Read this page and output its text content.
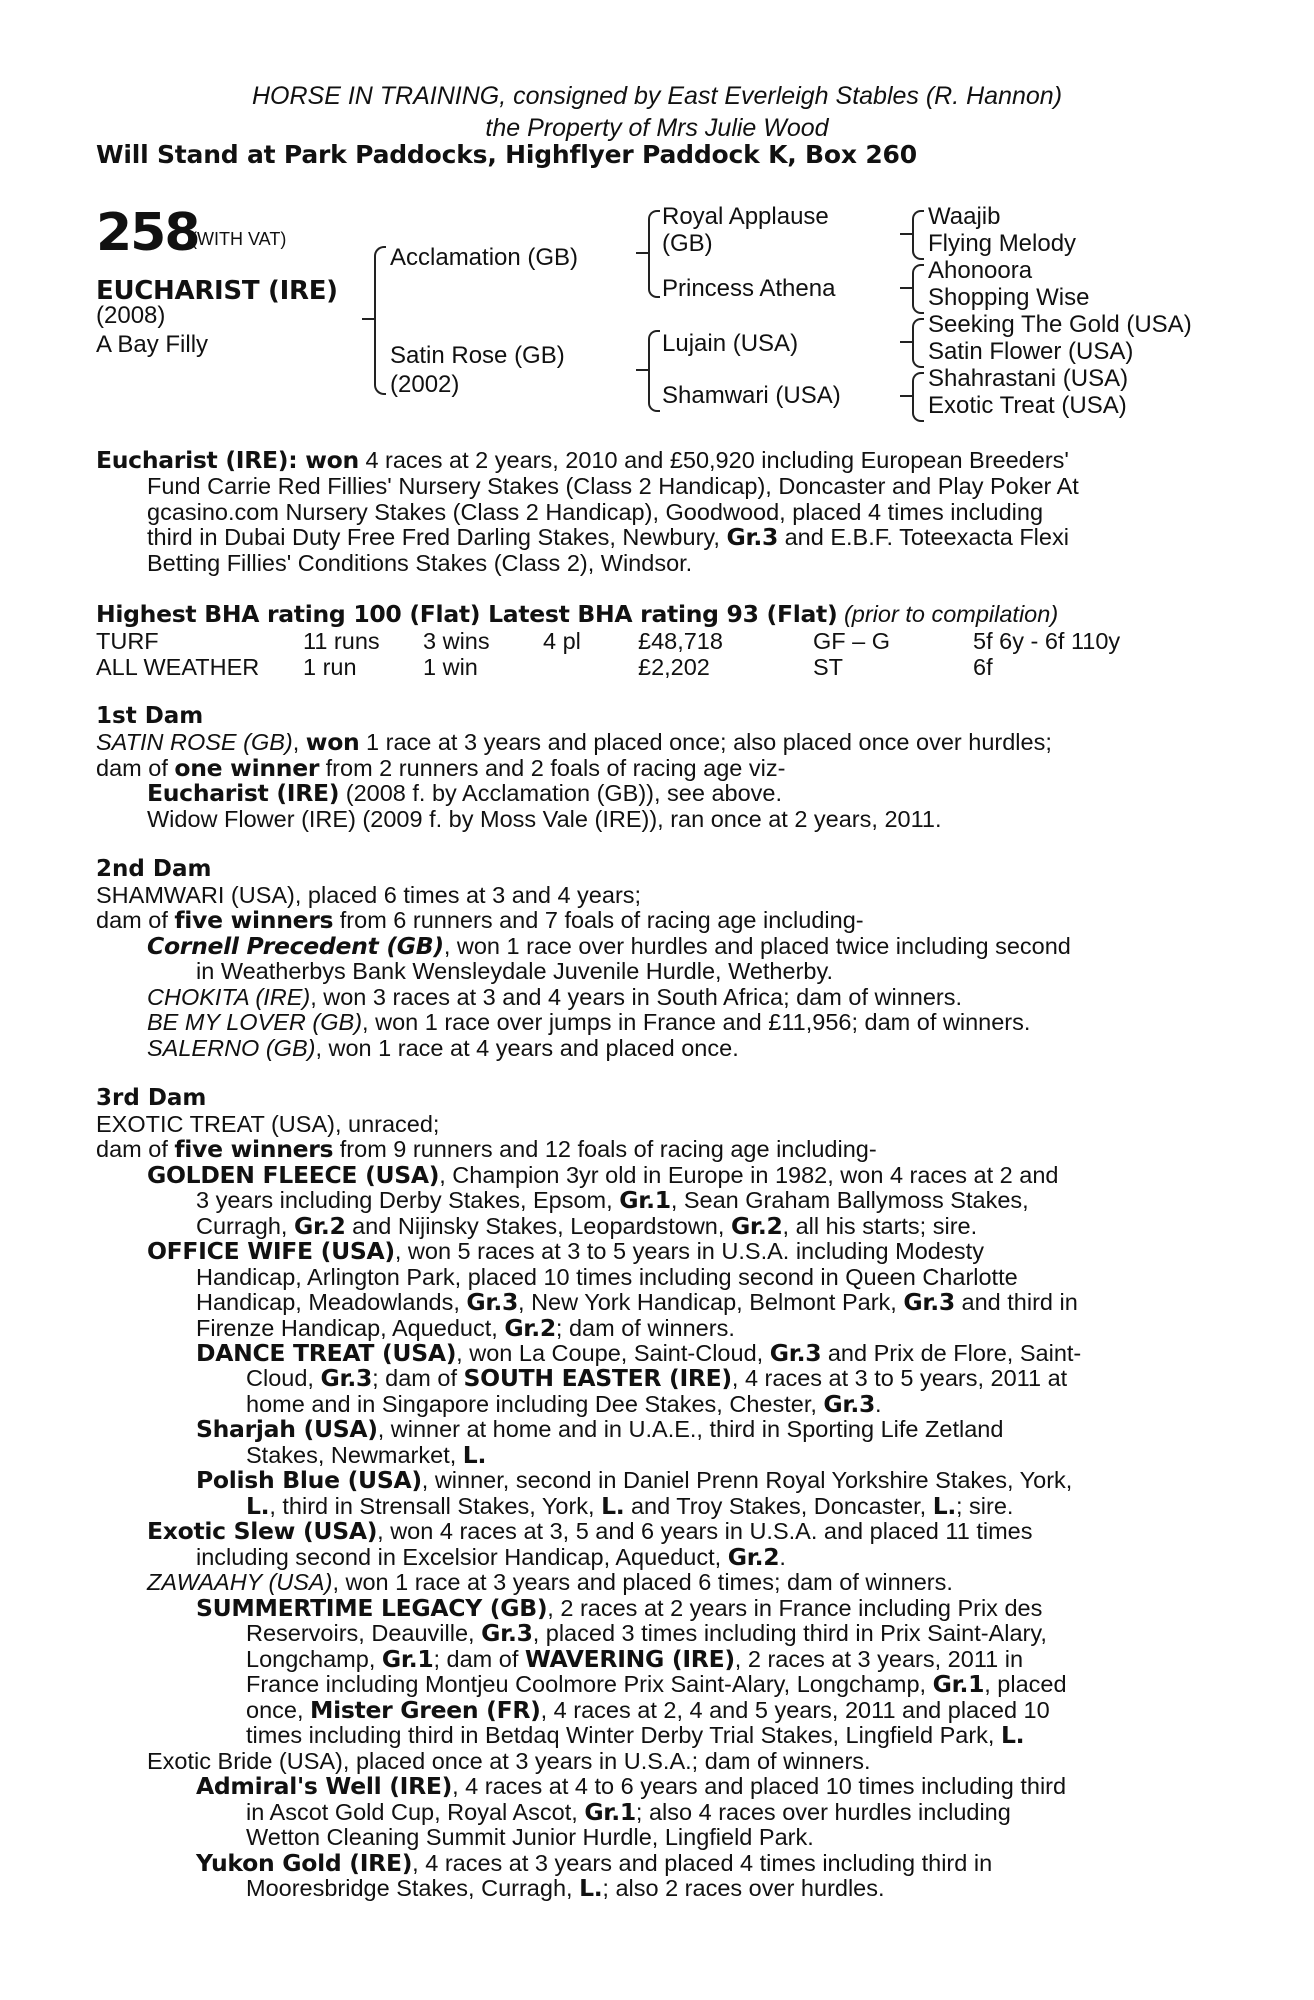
HORSE IN TRAINING, consigned by East Everleigh Stables (R. Hannon)
the Property of Mrs Julie Wood
Will Stand at Park Paddocks, Highflyer Paddock K, Box 260
258
(WITH VAT)
EUCHARIST (IRE)
(2008)
A Bay Filly
Acclamation (GB)
Satin Rose (GB)
(2002)
Royal Applause
(GB)
Princess Athena
Lujain (USA)
Shamwari (USA)
Waajib
Flying Melody
Ahonoora
Shopping Wise
Seeking The Gold (USA)
Satin Flower (USA)
Shahrastani (USA)
Exotic Treat (USA)
Eucharist (IRE): won 4 races at 2 years, 2010 and £50,920 including European Breeders'
Fund Carrie Red Fillies' Nursery Stakes (Class 2 Handicap), Doncaster and Play Poker At
gcasino.com Nursery Stakes (Class 2 Handicap), Goodwood, placed 4 times including
third in Dubai Duty Free Fred Darling Stakes, Newbury, Gr.3 and E.B.F. Toteexacta Flexi
Betting Fillies' Conditions Stakes (Class 2), Windsor.
Highest BHA rating 100 (Flat) Latest BHA rating 93 (Flat) (prior to compilation)
TURF	11 runs 3 wins 4 pl £48,718	GF – G	5f 6y - 6f 110y
ALL WEATHER 1 run	1 win	£2,202	ST	6f
1st Dam
SATIN ROSE (GB), won 1 race at 3 years and placed once; also placed once over hurdles;
dam of one winner from 2 runners and 2 foals of racing age viz-
Eucharist (IRE) (2008 f. by Acclamation (GB)), see above.
Widow Flower (IRE) (2009 f. by Moss Vale (IRE)), ran once at 2 years, 2011.
2nd Dam
SHAMWARI (USA), placed 6 times at 3 and 4 years;
dam of five winners from 6 runners and 7 foals of racing age including-
Cornell Precedent (GB), won 1 race over hurdles and placed twice including second
in Weatherbys Bank Wensleydale Juvenile Hurdle, Wetherby.
CHOKITA (IRE), won 3 races at 3 and 4 years in South Africa; dam of winners.
BE MY LOVER (GB), won 1 race over jumps in France and £11,956; dam of winners.
SALERNO (GB), won 1 race at 4 years and placed once.
3rd Dam
EXOTIC TREAT (USA), unraced;
dam of five winners from 9 runners and 12 foals of racing age including-
GOLDEN FLEECE (USA), Champion 3yr old in Europe in 1982, won 4 races at 2 and
3 years including Derby Stakes, Epsom, Gr.1, Sean Graham Ballymoss Stakes,
Curragh, Gr.2 and Nijinsky Stakes, Leopardstown, Gr.2, all his starts; sire.
OFFICE WIFE (USA), won 5 races at 3 to 5 years in U.S.A. including Modesty
Handicap, Arlington Park, placed 10 times including second in Queen Charlotte
Handicap, Meadowlands, Gr.3, New York Handicap, Belmont Park, Gr.3 and third in
Firenze Handicap, Aqueduct, Gr.2; dam of winners.
DANCE TREAT (USA), won La Coupe, Saint-Cloud, Gr.3 and Prix de Flore, Saint-
Cloud, Gr.3; dam of SOUTH EASTER (IRE), 4 races at 3 to 5 years, 2011 at
home and in Singapore including Dee Stakes, Chester, Gr.3.
Sharjah (USA), winner at home and in U.A.E., third in Sporting Life Zetland
Stakes, Newmarket, L.
Polish Blue (USA), winner, second in Daniel Prenn Royal Yorkshire Stakes, York,
L., third in Strensall Stakes, York, L. and Troy Stakes, Doncaster, L.; sire.
Exotic Slew (USA), won 4 races at 3, 5 and 6 years in U.S.A. and placed 11 times
including second in Excelsior Handicap, Aqueduct, Gr.2.
ZAWAAHY (USA), won 1 race at 3 years and placed 6 times; dam of winners.
SUMMERTIME LEGACY (GB), 2 races at 2 years in France including Prix des
Reservoirs, Deauville, Gr.3, placed 3 times including third in Prix Saint-Alary,
Longchamp, Gr.1; dam of WAVERING (IRE), 2 races at 3 years, 2011 in
France including Montjeu Coolmore Prix Saint-Alary, Longchamp, Gr.1, placed
once, Mister Green (FR), 4 races at 2, 4 and 5 years, 2011 and placed 10
times including third in Betdaq Winter Derby Trial Stakes, Lingfield Park, L.
Exotic Bride (USA), placed once at 3 years in U.S.A.; dam of winners.
Admiral's Well (IRE), 4 races at 4 to 6 years and placed 10 times including third
in Ascot Gold Cup, Royal Ascot, Gr.1; also 4 races over hurdles including
Wetton Cleaning Summit Junior Hurdle, Lingfield Park.
Yukon Gold (IRE), 4 races at 3 years and placed 4 times including third in
Mooresbridge Stakes, Curragh, L.; also 2 races over hurdles.
